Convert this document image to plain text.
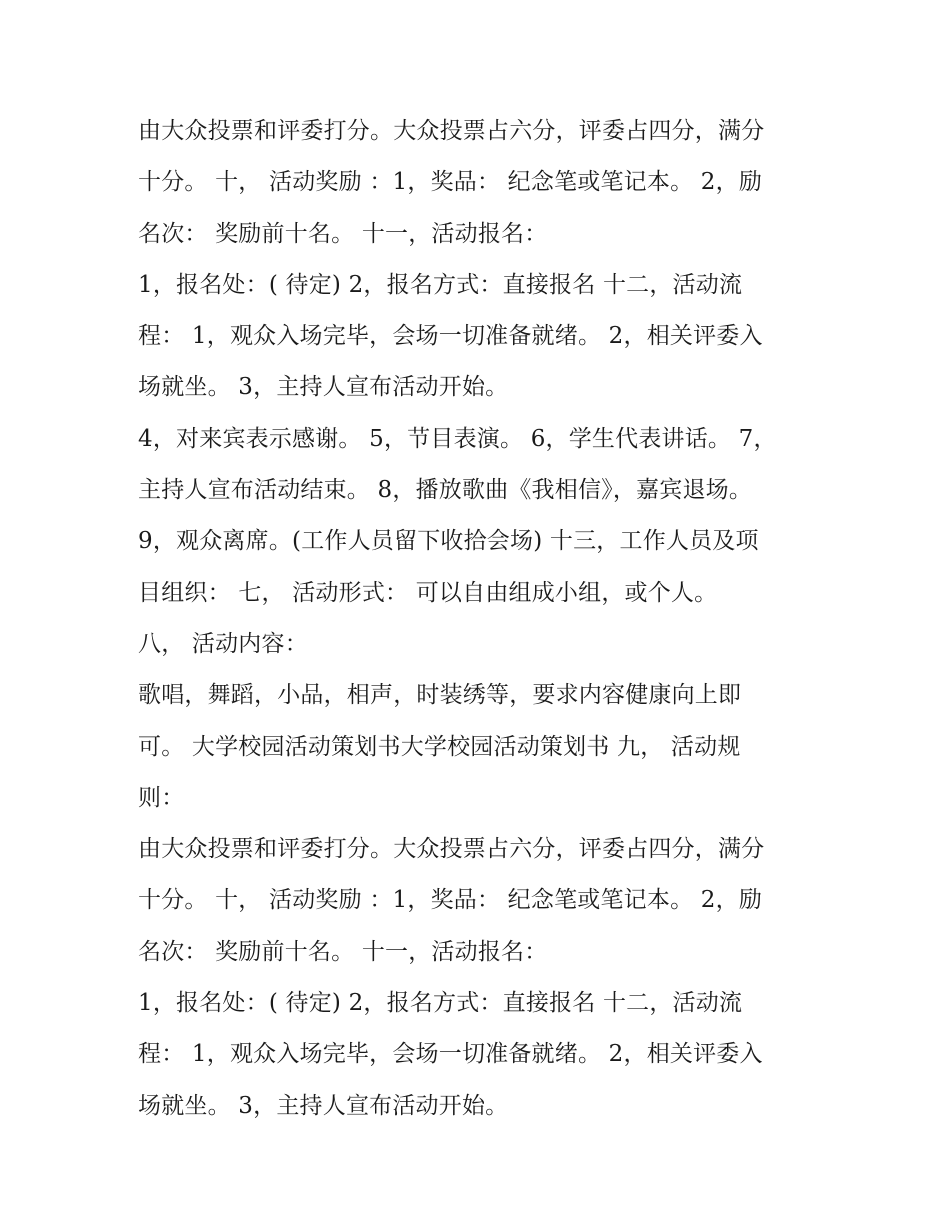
由大众投票和评委打分。大众投票占六分，评委占四分，满分
十分。 十， 活动奖励 ：1，奖品： 纪念笔或笔记本。 2，励
名次： 奖励前十名。 十一，活动报名：
1，报名处：( 待定) 2，报名方式：直接报名 十二，活动流
程： 1，观众入场完毕，会场一切准备就绪。 2，相关评委入
场就坐。 3，主持人宣布活动开始。
4，对来宾表示感谢。 5，节目表演。 6，学生代表讲话。 7，
主持人宣布活动结束。 8，播放歌曲《我相信》，嘉宾退场。
9，观众离席。(工作人员留下收拾会场) 十三，工作人员及项
目组织： 七， 活动形式： 可以自由组成小组，或个人。
八， 活动内容：
歌唱，舞蹈，小品，相声，时装绣等，要求内容健康向上即
可。 大学校园活动策划书大学校园活动策划书 九， 活动规
则：
由大众投票和评委打分。大众投票占六分，评委占四分，满分
十分。 十， 活动奖励 ：1，奖品： 纪念笔或笔记本。 2，励
名次： 奖励前十名。 十一，活动报名：
1，报名处：( 待定) 2，报名方式：直接报名 十二，活动流
程： 1，观众入场完毕，会场一切准备就绪。 2，相关评委入
场就坐。 3，主持人宣布活动开始。
